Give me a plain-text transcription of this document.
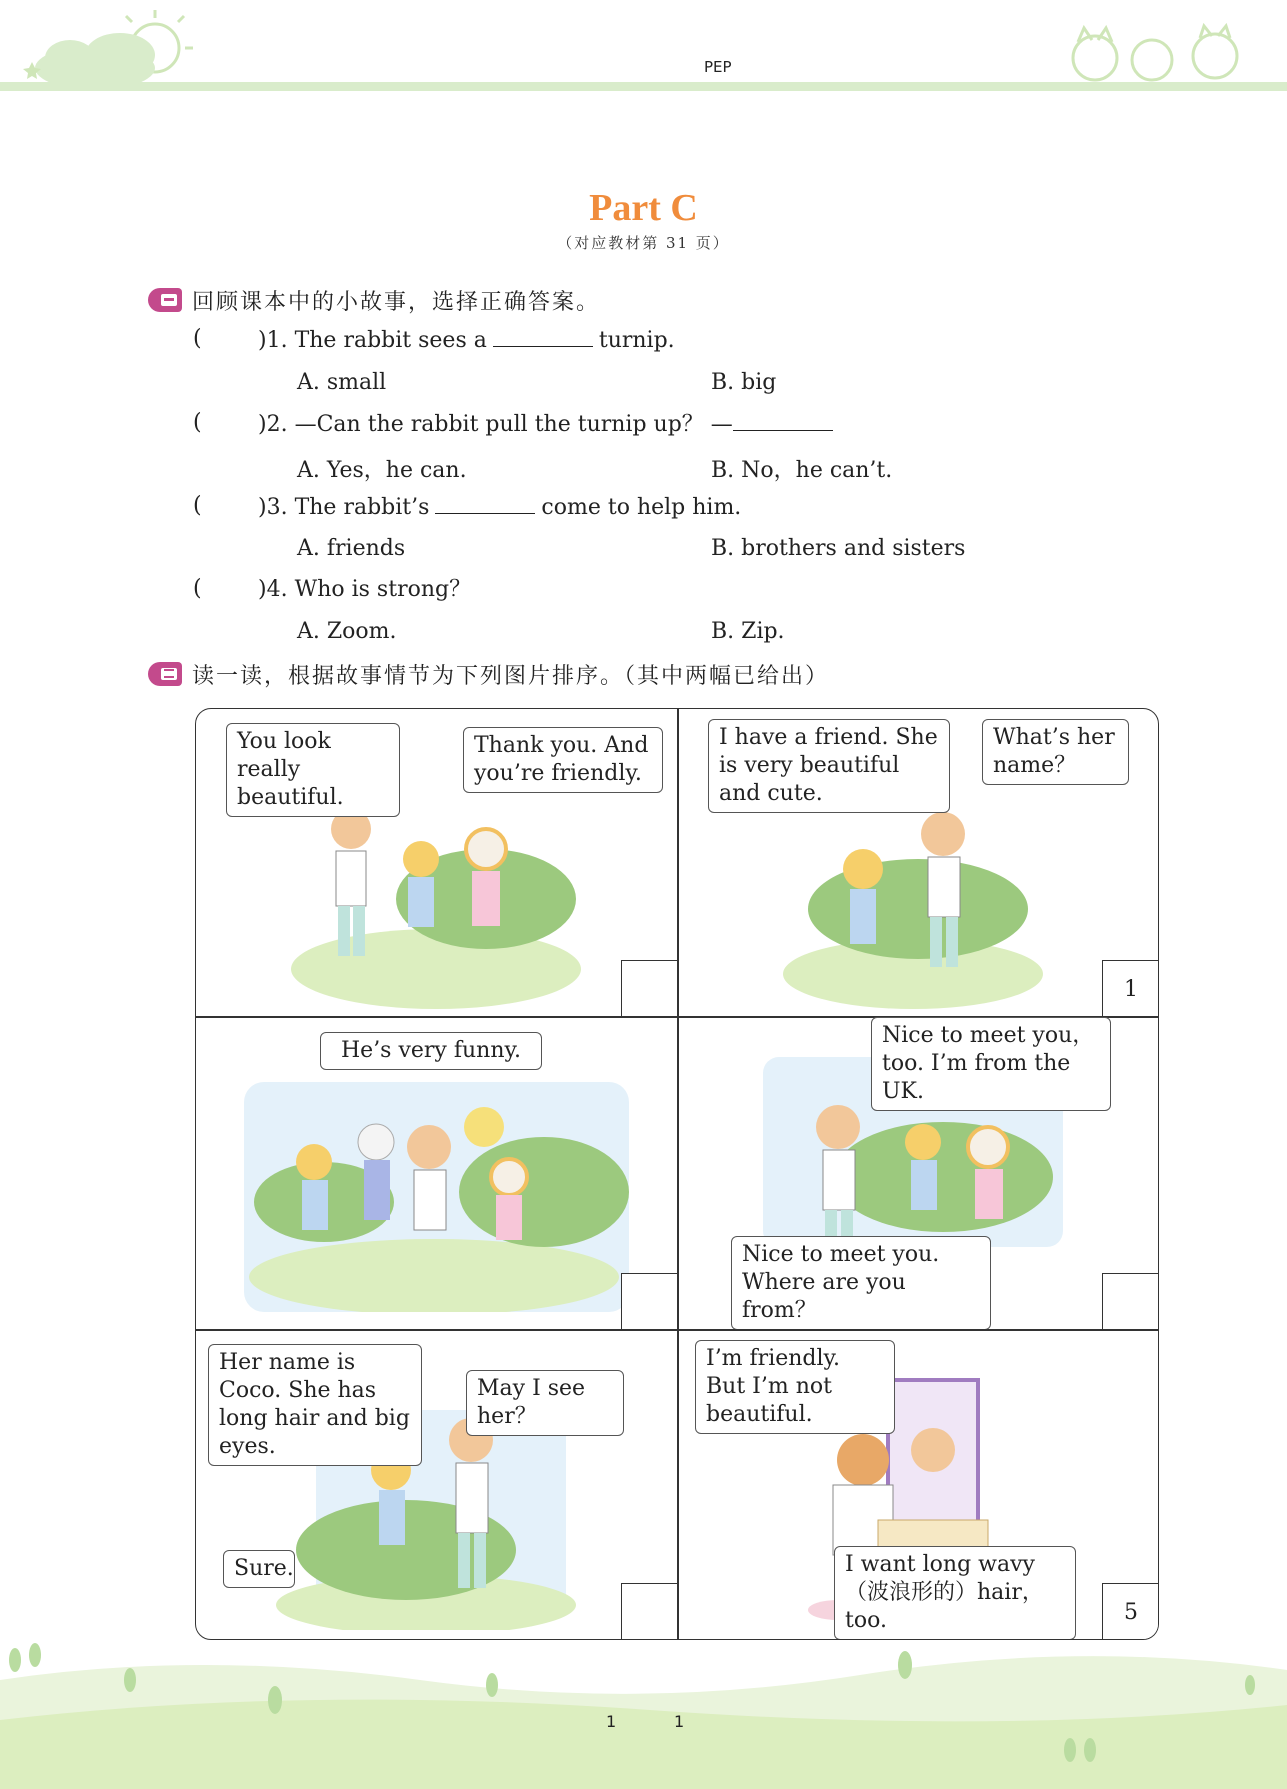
PEP
Part C
（对应教材第 31 页）
回顾课本中的小故事，选择正确答案。
(	)1. The rabbit sees a	turnip.
A. small	B. big
(	)2. —Can the rabbit pull the turnip up？ —
A. Yes，he can.	B. No，he can’t.
(	)3. The rabbit’s	come to help him.
A. friends	B. brothers and sisters
(	)4. Who is strong？
A. Zoom.	B. Zip.
读一读，根据故事情节为下列图片排序。（其中两幅已给出）
You look really beautiful.
Thank you. And you’re friendly.
I have a friend. She is very beautiful and cute.
What’s her name？
1
He’s very funny.
Nice to meet you，too. I’m from the UK.
Nice to meet you. Where are you from？
Her name is Coco. She has long hair and big eyes.
May I see her？
Sure.
I’m friendly. But I’m not beautiful.
I want long wavy（波浪形的）hair，too.	5
1	1
